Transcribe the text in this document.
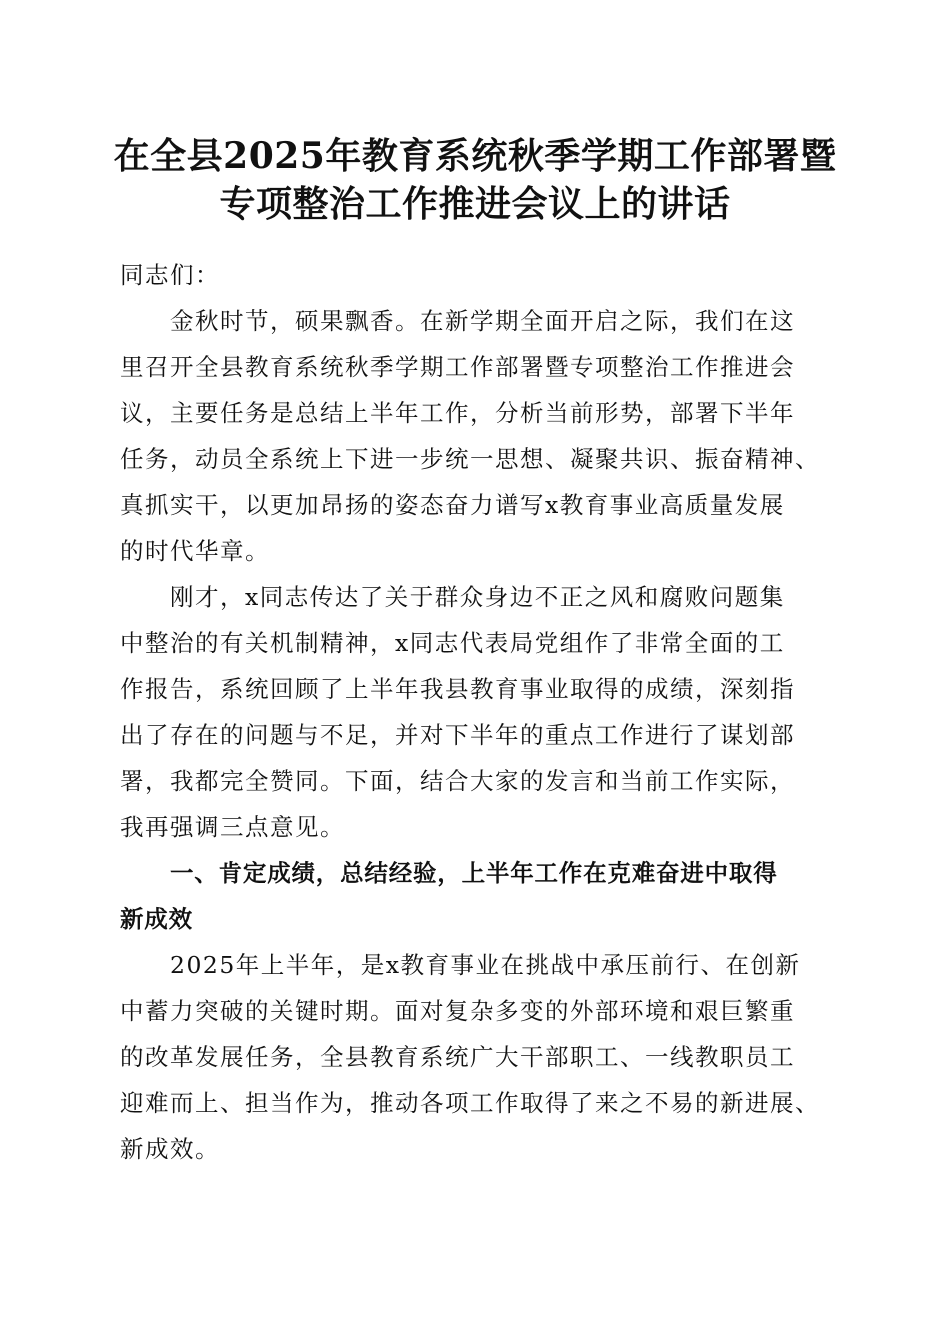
在全县2025年教育系统秋季学期工作部署暨
专项整治工作推进会议上的讲话

同志们：

金秋时节，硕果飘香。在新学期全面开启之际，我们在这
里召开全县教育系统秋季学期工作部署暨专项整治工作推进会
议，主要任务是总结上半年工作，分析当前形势，部署下半年
任务，动员全系统上下进一步统一思想、凝聚共识、振奋精神、
真抓实干，以更加昂扬的姿态奋力谱写x教育事业高质量发展
的时代华章。

刚才，x同志传达了关于群众身边不正之风和腐败问题集
中整治的有关机制精神，x同志代表局党组作了非常全面的工
作报告，系统回顾了上半年我县教育事业取得的成绩，深刻指
出了存在的问题与不足，并对下半年的重点工作进行了谋划部
署，我都完全赞同。下面，结合大家的发言和当前工作实际，
我再强调三点意见。

一、肯定成绩，总结经验，上半年工作在克难奋进中取得
新成效

2025年上半年，是x教育事业在挑战中承压前行、在创新
中蓄力突破的关键时期。面对复杂多变的外部环境和艰巨繁重
的改革发展任务，全县教育系统广大干部职工、一线教职员工
迎难而上、担当作为，推动各项工作取得了来之不易的新进展、
新成效。
